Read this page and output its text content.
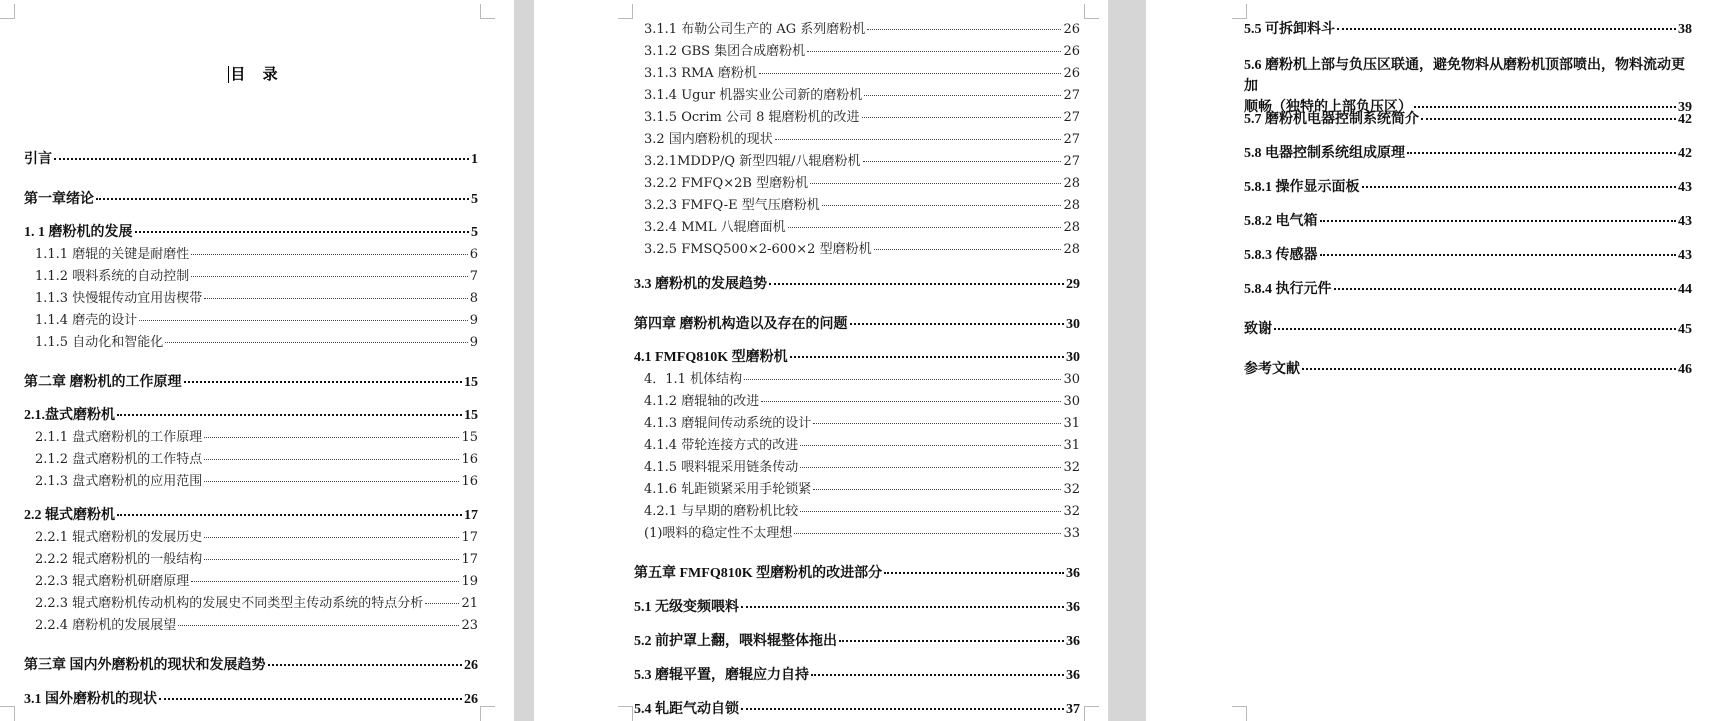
目 录
引言	1
第一章绪论	5
1. 1 磨粉机的发展	5
1.1.1 磨辊的关键是耐磨性	6
1.1.2 喂料系统的自动控制	7
1.1.3 快慢辊传动宜用齿楔带	8
1.1.4 磨壳的设计	9
1.1.5 自动化和智能化	9
第二章 磨粉机的工作原理	15
2.1.盘式磨粉机	15
2.1.1 盘式磨粉机的工作原理	15
2.1.2 盘式磨粉机的工作特点	16
2.1.3 盘式磨粉机的应用范围	16
2.2 辊式磨粉机	17
2.2.1 辊式磨粉机的发展历史	17
2.2.2 辊式磨粉机的一般结构	17
2.2.3 辊式磨粉机研磨原理	19
2.2.3 辊式磨粉机传动机构的发展史不同类型主传动系统的特点分析	21
2.2.4 磨粉机的发展展望	23
第三章 国内外磨粉机的现状和发展趋势	26
3.1 国外磨粉机的现状	26
3.1.1 布勒公司生产的 AG 系列磨粉机	26
3.1.2 GBS 集团合成磨粉机	26
3.1.3 RMA 磨粉机	26
3.1.4 Ugur 机器实业公司新的磨粉机	27
3.1.5 Ocrim 公司 8 辊磨粉机的改进	27
3.2 国内磨粉机的现状	27
3.2.1MDDP/Q 新型四辊/八辊磨粉机	27
3.2.2 FMFQ×2B 型磨粉机	28
3.2.3 FMFQ-E 型气压磨粉机	28
3.2.4 MML 八辊磨面机	28
3.2.5 FMSQ500×2-600×2 型磨粉机	28
3.3 磨粉机的发展趋势	29
第四章 磨粉机构造以及存在的问题	30
4.1 FMFQ810K 型磨粉机	30
4．1.1 机体结构	30
4.1.2 磨辊轴的改进	30
4.1.3 磨辊间传动系统的设计	31
4.1.4 带轮连接方式的改进	31
4.1.5 喂料辊采用链条传动	32
4.1.6 轧距锁紧采用手轮锁紧	32
4.2.1 与早期的磨粉机比较	32
(1)喂料的稳定性不太理想	33
第五章 FMFQ810K 型磨粉机的改进部分	36
5.1 无级变频喂料	36
5.2 前护罩上翻，喂料辊整体拖出	36
5.3 磨辊平置，磨辊应力自持	36
5.4 轧距气动自锁	37
5.5 可拆卸料斗	38
5.6 磨粉机上部与负压区联通，避免物料从磨粉机顶部喷出，物料流动更加
顺畅（独特的上部负压区）	39
5.7 磨粉机电器控制系统简介	42
5.8 电器控制系统组成原理	42
5.8.1 操作显示面板	43
5.8.2 电气箱	43
5.8.3 传感器	43
5.8.4 执行元件	44
致谢	45
参考文献	46
